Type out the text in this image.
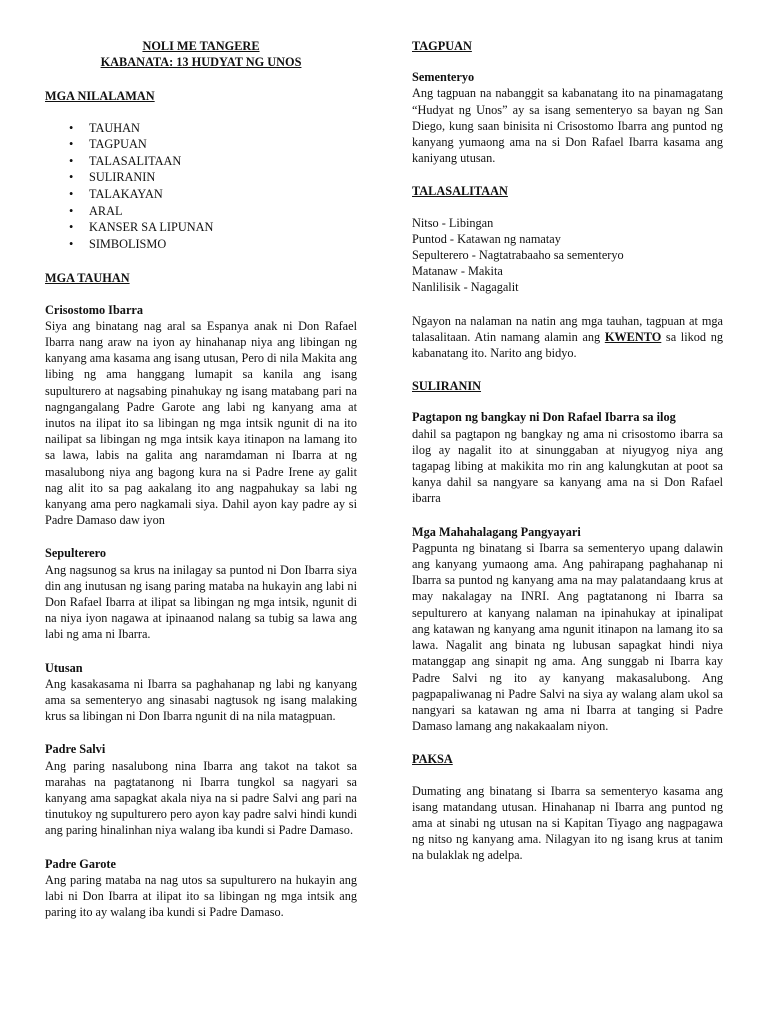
NOLI ME TANGERE
KABANATA: 13 HUDYAT NG UNOS
MGA NILALAMAN
• TAUHAN
• TAGPUAN
• TALASALITAAN
• SULIRANIN
• TALAKAYAN
• ARAL
• KANSER SA LIPUNAN
• SIMBOLISMO
MGA TAUHAN
Crisostomo Ibarra

Siya ang binatang nag aral sa Espanya anak ni Don Rafael Ibarra nang araw na iyon ay hinahanap niya ang libingan ng kanyang ama kasama ang isang utusan, Pero di nila Makita ang libing ng ama hanggang lumapit sa kanila ang isang supulturero at nagsabing pinahukay ng isang matabang pari na nagngangalang Padre Garote ang labi ng kanyang ama at inutos na ilipat ito sa libingan ng mga intsik ngunit di na ito nailipat sa libingan ng mga intsik kaya itinapon na lamang ito sa lawa, labis na galita ang naramdaman ni Ibarra at ng masalubong niya ang bagong kura na si Padre Irene ay galit nag alit ito sa pag aakalang ito ang nagpahukay sa labi ng kanyang ama pero nagkamali siya. Dahil ayon kay padre ay si Padre Damaso daw iyon

Sepulterero

Ang nagsunog sa krus na inilagay sa puntod ni Don Ibarra siya din ang inutusan ng isang paring mataba na hukayin ang labi ni Don Rafael Ibarra at ilipat sa libingan ng mga intsik, ngunit di na niya iyon nagawa at ipinaanod nalang sa tubig sa lawa ang labi ng ama ni Ibarra.

Utusan

Ang kasakasama ni Ibarra sa paghahanap ng labi ng kanyang ama sa sementeryo ang sinasabi nagtusok ng isang malaking krus sa libingan ni Don Ibarra ngunit di na nila matagpuan.

Padre Salvi

Ang paring nasalubong nina Ibarra ang takot na takot sa marahas na pagtatanong ni Ibarra tungkol sa nagyari sa kanyang ama sapagkat akala niya na si padre Salvi ang pari na tinutukoy ng supulturero pero ayon kay padre salvi hindi kundi ang paring hinalinhan niya walang iba kundi si Padre Damaso.

Padre Garote

Ang paring mataba na nag utos sa supulturero na hukayin ang labi ni Don Ibarra at ilipat ito sa libingan ng mga intsik ang paring ito ay walang iba kundi si Padre Damaso.

TAGPUAN
Sementeryo

Ang tagpuan na nabanggit sa kabanatang ito na pinamagatang “Hudyat ng Unos” ay sa isang sementeryo sa bayan ng San Diego, kung saan binisita ni Crisostomo Ibarra ang puntod ng kanyang yumaong ama na si Don Rafael Ibarra kasama ang kaniyang utusan.

TALASALITAAN
Nitso - Libingan
Puntod - Katawan ng namatay
Sepulterero - Nagtatrabaaho sa sementeryo
Matanaw - Makita
Nanlilisik - Nagagalit

Ngayon na nalaman na natin ang mga tauhan, tagpuan at mga talasalitaan. Atin namang alamin ang KWENTO sa likod ng kabanatang ito. Narito ang bidyo.

SULIRANIN
Pagtapon ng bangkay ni Don Rafael Ibarra sa ilog

dahil sa pagtapon ng bangkay ng ama ni crisostomo ibarra sa ilog ay nagalit ito at sinunggaban at niyugyog niya ang tagapag libing at makikita mo rin ang kalungkutan at poot sa kanya dahil sa nangyare sa kanyang ama na si Don Rafael ibarra

Mga Mahahalagang Pangyayari

Pagpunta ng binatang si Ibarra sa sementeryo upang dalawin ang kanyang yumaong ama. Ang pahirapang paghahanap ni Ibarra sa puntod ng kanyang ama na may palatandaang krus at may nakalagay na INRI. Ang pagtatanong ni Ibarra sa sepulturero at kanyang nalaman na ipinahukay at ipinalipat ang katawan ng kanyang ama ngunit itinapon na lamang ito sa lawa. Nagalit ang binata ng lubusan sapagkat hindi niya matanggap ang sinapit ng ama. Ang sunggab ni Ibarra kay Padre Salvi ng ito ay kanyang makasalubong. Ang pagpapaliwanag ni Padre Salvi na siya ay walang alam ukol sa nangyari sa katawan ng ama ni Ibarra at tanging si Padre Damaso lamang ang nakakaalam niyon.

PAKSA

Dumating ang binatang si Ibarra sa sementeryo kasama ang isang matandang utusan. Hinahanap ni Ibarra ang puntod ng ama at sinabi ng utusan na si Kapitan Tiyago ang nagpagawa ng nitso ng kanyang ama. Nilagyan ito ng isang krus at tanim na bulaklak ng adelpa.
